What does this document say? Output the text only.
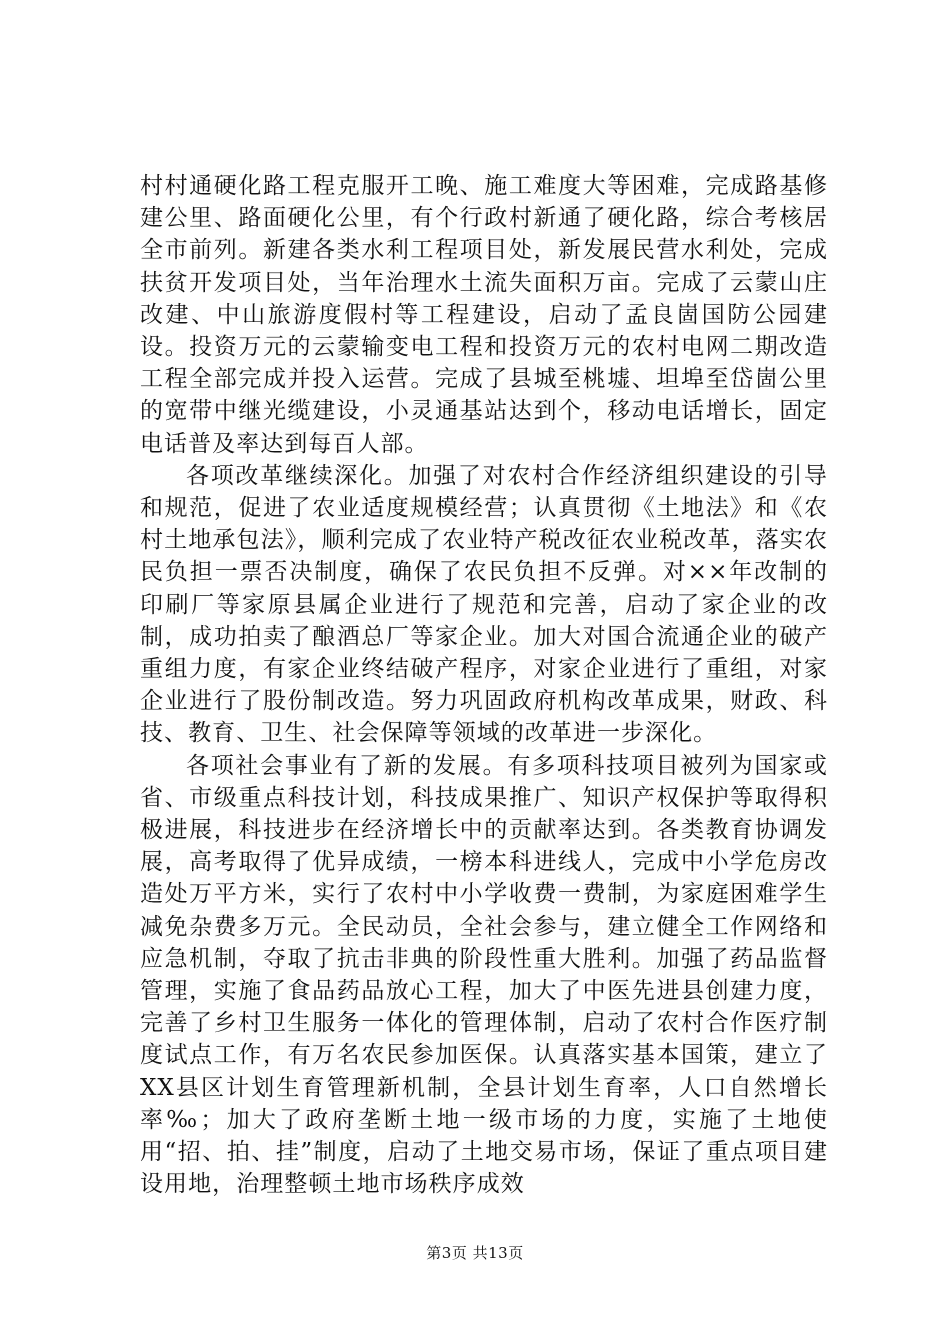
村村通硬化路工程克服开工晚、施工难度大等困难，完成路基修建公里、路面硬化公里，有个行政村新通了硬化路，综合考核居全市前列。新建各类水利工程项目处，新发展民营水利处，完成扶贫开发项目处，当年治理水土流失面积万亩。完成了云蒙山庄改建、中山旅游度假村等工程建设，启动了孟良崮国防公园建设。投资万元的云蒙输变电工程和投资万元的农村电网二期改造工程全部完成并投入运营。完成了县城至桃墟、坦埠至岱崮公里的宽带中继光缆建设，小灵通基站达到个，移动电话增长，固定电话普及率达到每百人部。

各项改革继续深化。加强了对农村合作经济组织建设的引导和规范，促进了农业适度规模经营；认真贯彻《土地法》和《农村土地承包法》，顺利完成了农业特产税改征农业税改革，落实农民负担一票否决制度，确保了农民负担不反弹。对××年改制的印刷厂等家原县属企业进行了规范和完善，启动了家企业的改制，成功拍卖了酿酒总厂等家企业。加大对国合流通企业的破产重组力度，有家企业终结破产程序，对家企业进行了重组，对家企业进行了股份制改造。努力巩固政府机构改革成果，财政、科技、教育、卫生、社会保障等领域的改革进一步深化。

各项社会事业有了新的发展。有多项科技项目被列为国家或省、市级重点科技计划，科技成果推广、知识产权保护等取得积极进展，科技进步在经济增长中的贡献率达到。各类教育协调发展，高考取得了优异成绩，一榜本科进线人，完成中小学危房改造处万平方米，实行了农村中小学收费一费制，为家庭困难学生减免杂费多万元。全民动员，全社会参与，建立健全工作网络和应急机制，夺取了抗击非典的阶段性重大胜利。加强了药品监督管理，实施了食品药品放心工程，加大了中医先进县创建力度，完善了乡村卫生服务一体化的管理体制，启动了农村合作医疗制度试点工作，有万名农民参加医保。认真落实基本国策，建立了XX县区计划生育管理新机制，全县计划生育率，人口自然增长率‰；加大了政府垄断土地一级市场的力度，实施了土地使用“招、拍、挂”制度，启动了土地交易市场，保证了重点项目建设用地，治理整顿土地市场秩序成效

第3页 共13页
